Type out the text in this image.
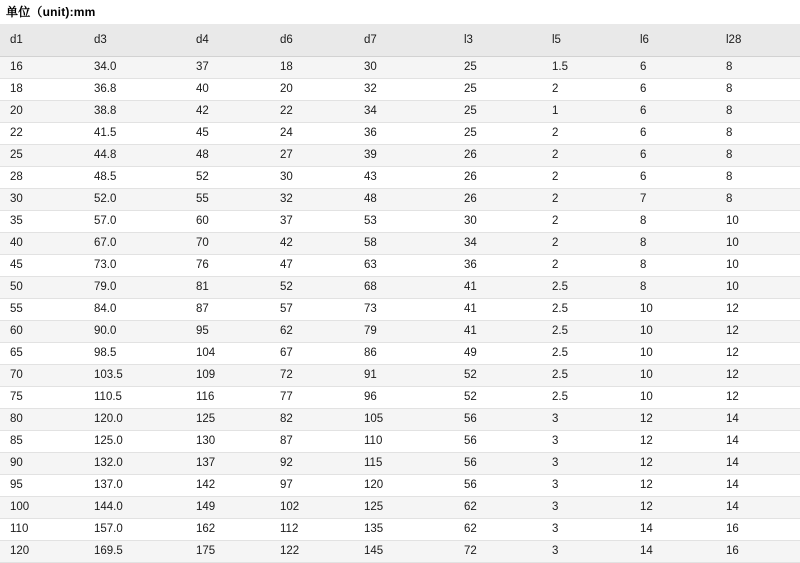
单位（unit):mm
d1	d3	d4	d6	d7	l3	l5	l6	l28
16	34.0	37	18	30	25	1.5	6	8
18	36.8	40	20	32	25	2	6	8
20	38.8	42	22	34	25	1	6	8
22	41.5	45	24	36	25	2	6	8
25	44.8	48	27	39	26	2	6	8
28	48.5	52	30	43	26	2	6	8
30	52.0	55	32	48	26	2	7	8
35	57.0	60	37	53	30	2	8	10
40	67.0	70	42	58	34	2	8	10
45	73.0	76	47	63	36	2	8	10
50	79.0	81	52	68	41	2.5	8	10
55	84.0	87	57	73	41	2.5	10	12
60	90.0	95	62	79	41	2.5	10	12
65	98.5	104	67	86	49	2.5	10	12
70	103.5	109	72	91	52	2.5	10	12
75	110.5	116	77	96	52	2.5	10	12
80	120.0	125	82	105	56	3	12	14
85	125.0	130	87	110	56	3	12	14
90	132.0	137	92	115	56	3	12	14
95	137.0	142	97	120	56	3	12	14
100	144.0	149	102	125	62	3	12	14
110	157.0	162	112	135	62	3	14	16
120	169.5	175	122	145	72	3	14	16
